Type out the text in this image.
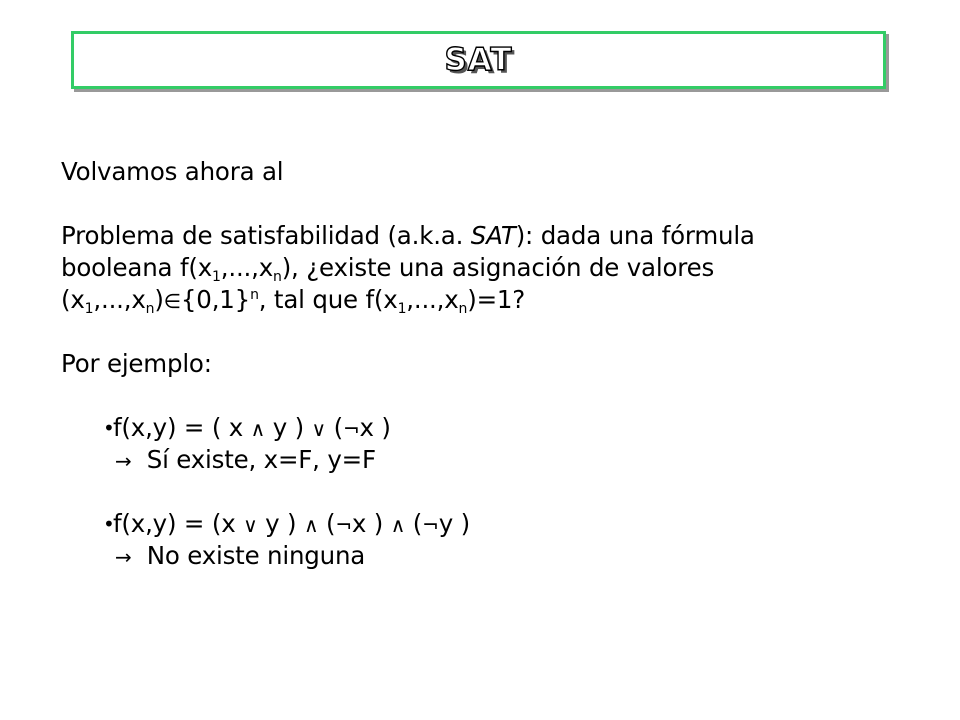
SAT
Volvamos ahora al
Problema de satisfabilidad (a.k.a. SAT): dada una fórmula
booleana $f(x_1,...,x_n)$, ¿existe una asignación de valores
$(x_1,...,x_n)\in\{0,1\}^n$, tal que $f(x_1,...,x_n)=1$?
Por ejemplo:
•
f(x,y) = ( x ∧ y ) ∨ (¬x )
→ Sí existe, x=F, y=F
•
f(x,y) = (x ∨ y ) ∧ (¬x ) ∧ (¬y )
→ No existe ninguna
